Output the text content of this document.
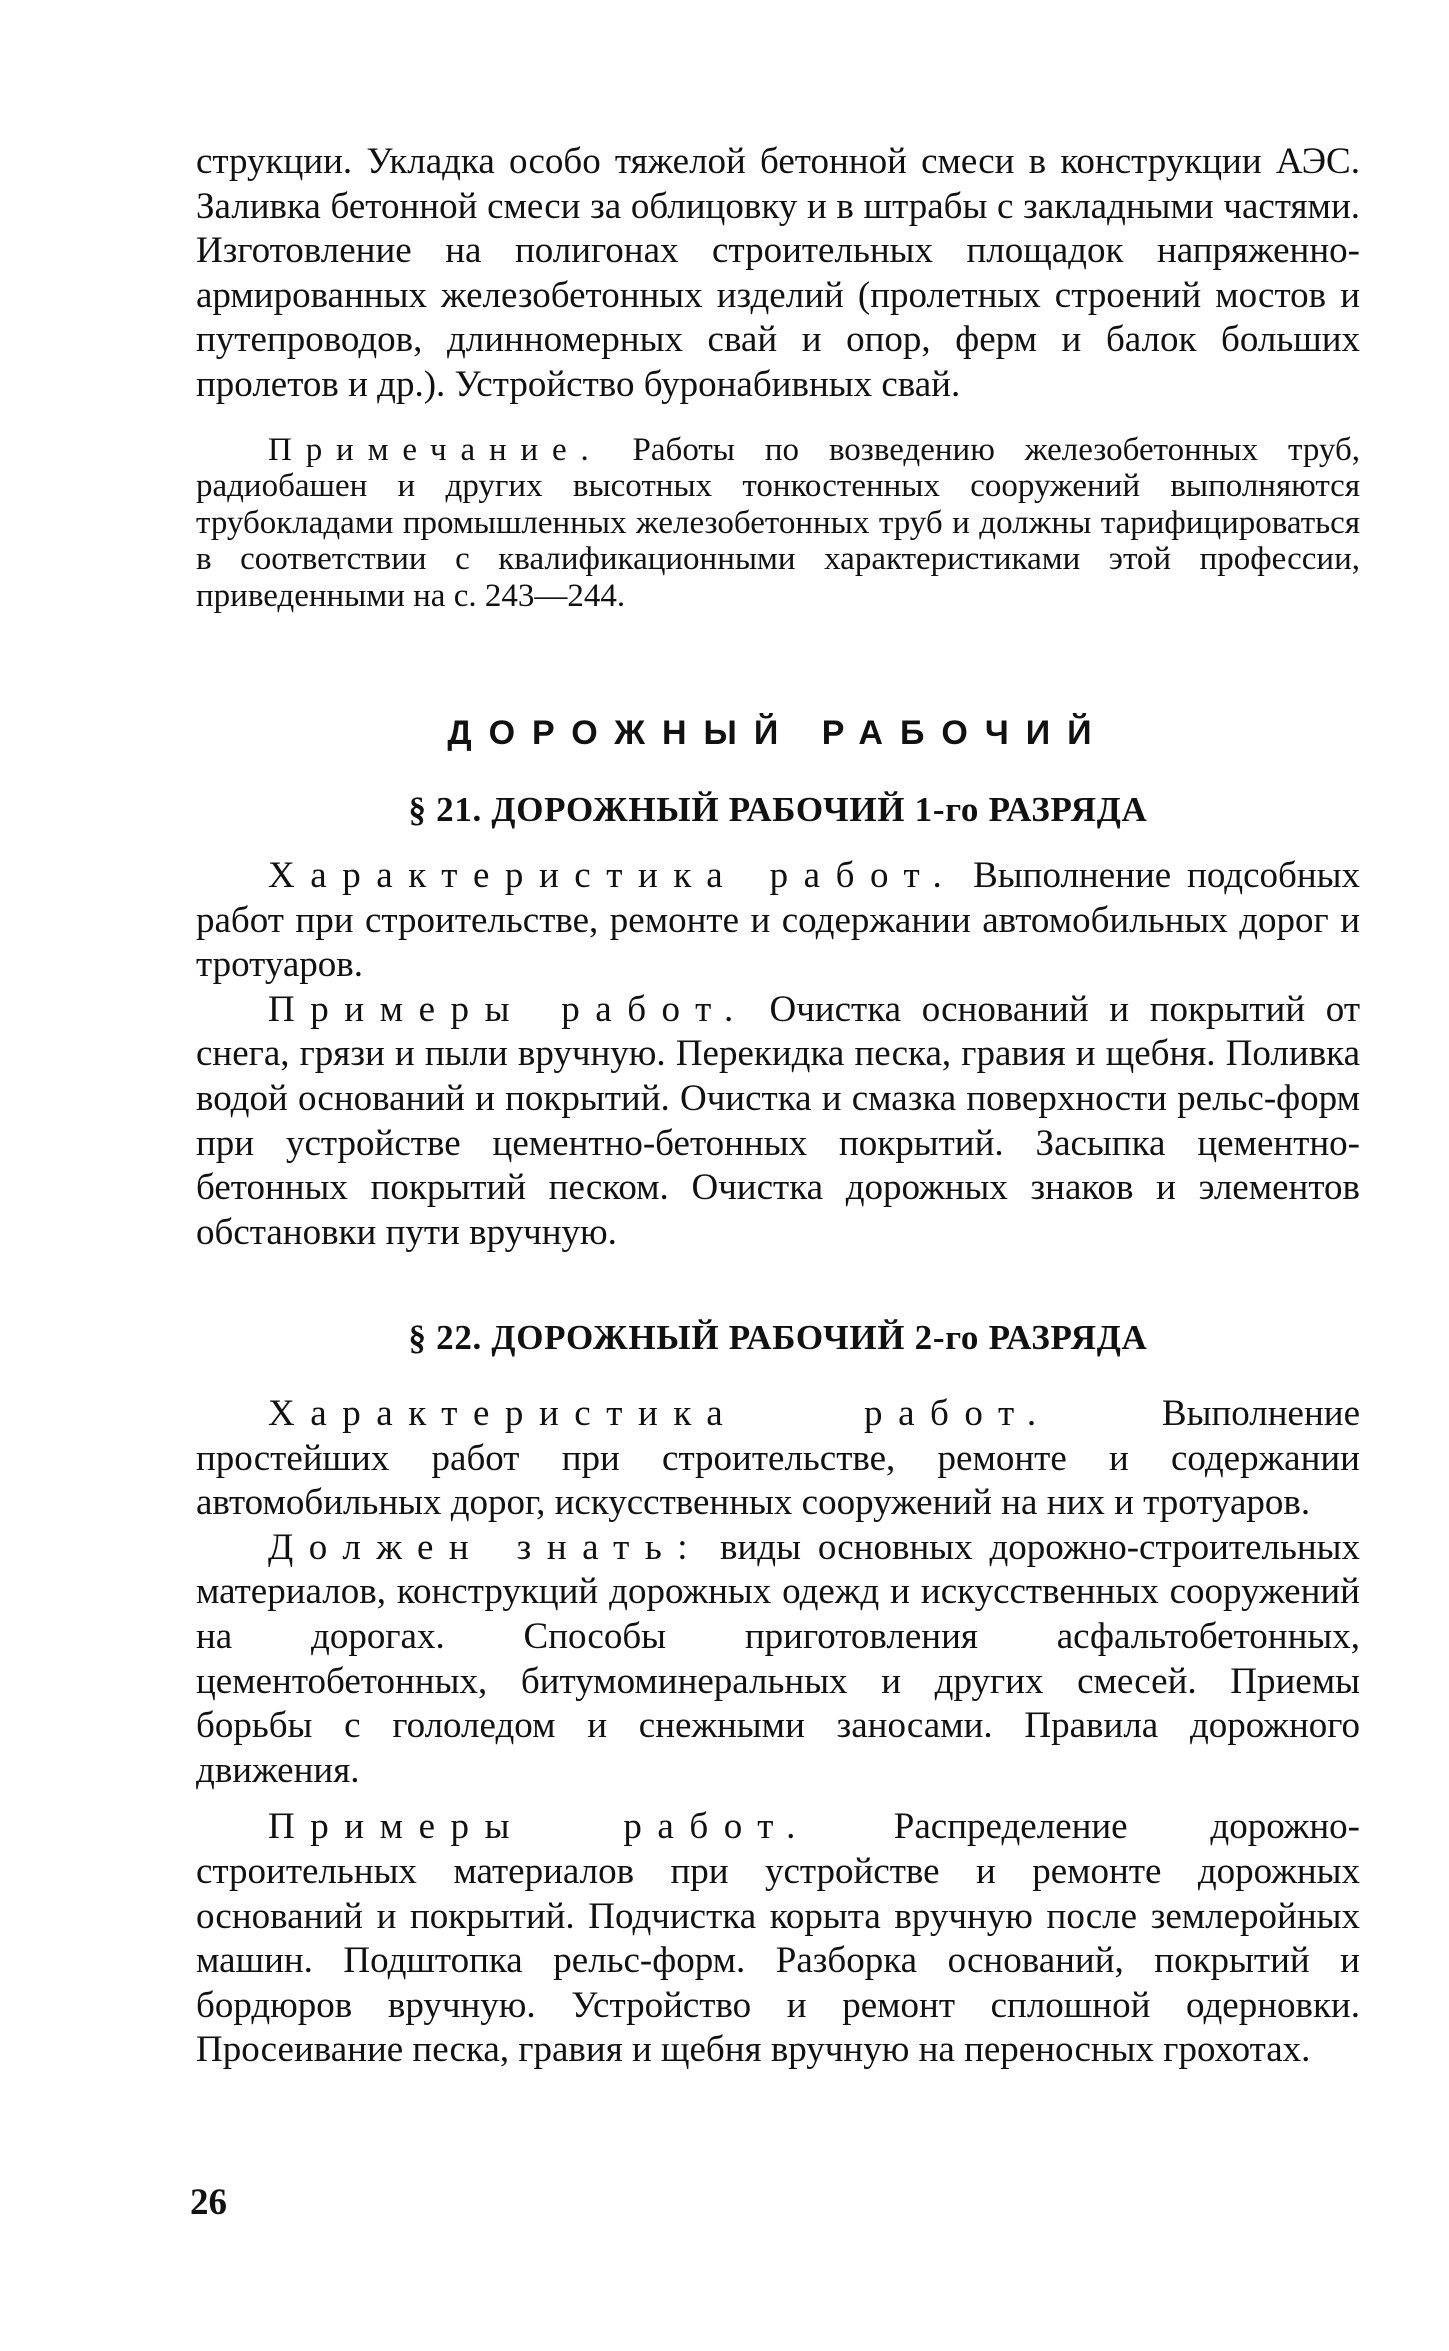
струкции. Укладка особо тяжелой бетонной смеси в конструкции АЭС. Заливка бетонной смеси за облицовку и в штрабы с закладными частями. Изготовление на полигонах строительных площадок напряженно-армированных железобетонных изделий (пролетных строений мостов и путепроводов, длинномерных свай и опор, ферм и балок больших пролетов и др.). Устройство буронабивных свай.

Примечание. Работы по возведению железобетонных труб, радиобашен и других высотных тонкостенных сооружений выполняются трубокладами промышленных железобетонных труб и должны тарифицироваться в соответствии с квалификационными характеристиками этой профессии, приведенными на с. 243—244.

ДОРОЖНЫЙ РАБОЧИЙ
§ 21. ДОРОЖНЫЙ РАБОЧИЙ 1-го РАЗРЯДА

Характеристика работ. Выполнение подсобных работ при строительстве, ремонте и содержании автомобильных дорог и тротуаров.

Примеры работ. Очистка оснований и покрытий от снега, грязи и пыли вручную. Перекидка песка, гравия и щебня. Поливка водой оснований и покрытий. Очистка и смазка поверхности рельс-форм при устройстве цементно-бетонных покрытий. Засыпка цементно-бетонных покрытий песком. Очистка дорожных знаков и элементов обстановки пути вручную.

§ 22. ДОРОЖНЫЙ РАБОЧИЙ 2-го РАЗРЯДА

Характеристика работ. Выполнение простейших работ при строительстве, ремонте и содержании автомобильных дорог, искусственных сооружений на них и тротуаров.

Должен знать: виды основных дорожно-строительных материалов, конструкций дорожных одежд и искусственных сооружений на дорогах. Способы приготовления асфальтобетонных, цементобетонных, битумоминеральных и других смесей. Приемы борьбы с гололедом и снежными заносами. Правила дорожного движения.

Примеры работ. Распределение дорожно-строительных материалов при устройстве и ремонте дорожных оснований и покрытий. Подчистка корыта вручную после землеройных машин. Подштопка рельс-форм. Разборка оснований, покрытий и бордюров вручную. Устройство и ремонт сплошной одерновки. Просеивание песка, гравия и щебня вручную на переносных грохотах.

26
